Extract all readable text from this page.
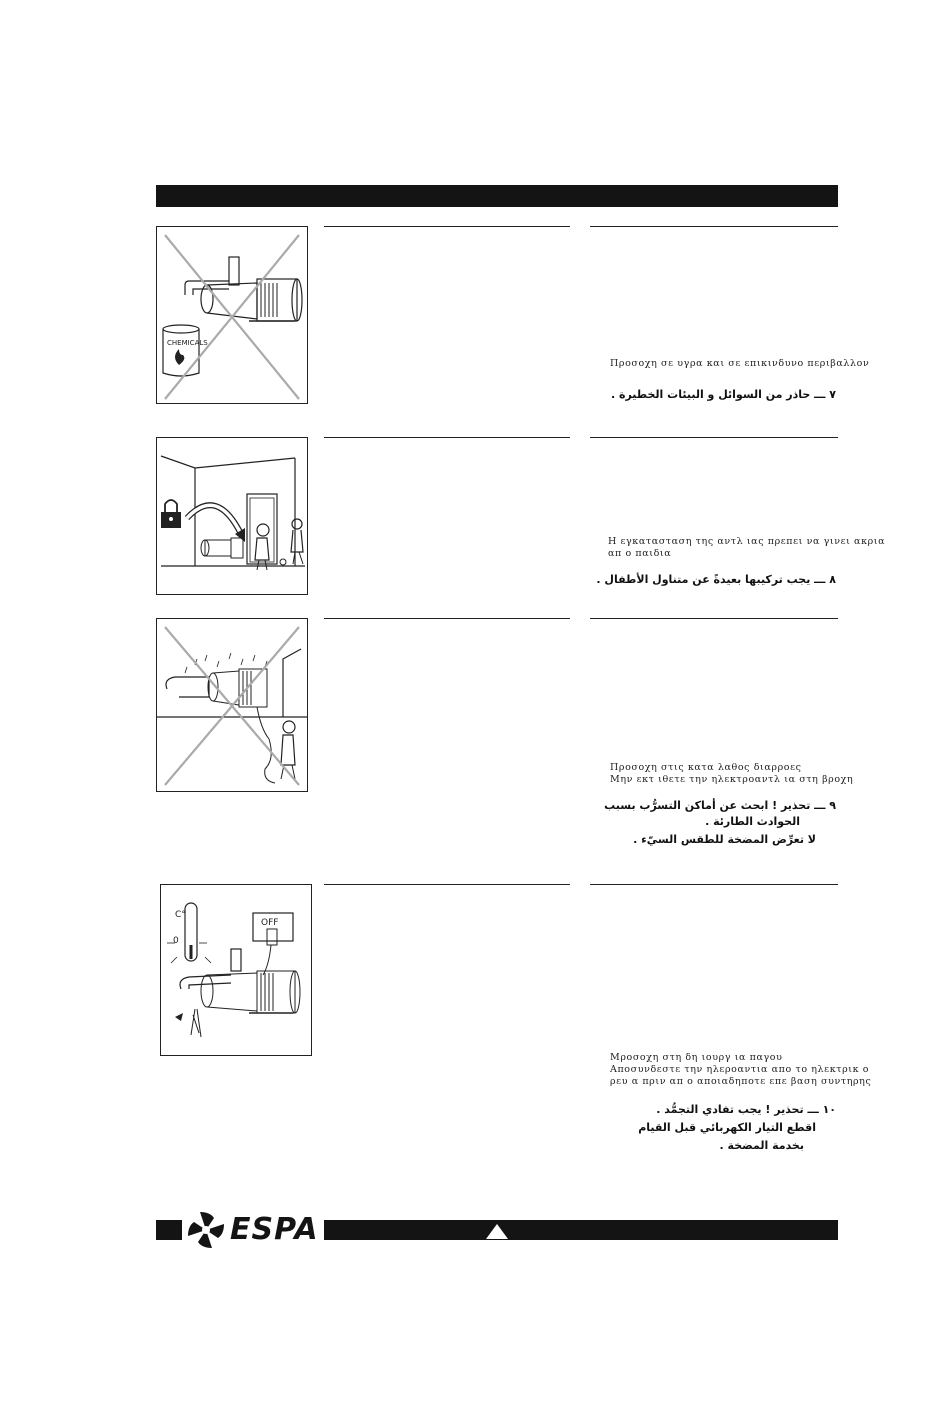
CHEMICALS
Προσοχη σε υγρα και σε επικινδυνο περιβαλλον
٧ ـــ حاذر من السوائل و البيئات الخطيرة .
Η εγκατασταση της αντλ ιας πρεπει να γινει ακρια
απ ο παιδια
٨ ـــ يجب تركيبها بعيدةً عن متناول الأطفال .
Προσοχη στις κατα λαθος διαρροες
Μην εκτ ιθετε την ηλεκτροαντλ ια στη βροχη
٩ ـــ تحذير ! ابحث عن أماكن التسرُّب بسبب
الحوادث الطارئة .
لا تعرِّض المضخة للطقس السيّء .
C°
0
OFF
Μροσοχη στη δη ιουργ ια παγου
Αποσυνδεστε την ηλεροαντια απο το ηλεκτρικ ο
ρευ α πριν απ ο αποιαδηποτε επε βαση συντηρης
١٠ ـــ تحذير ! يجب تفادي التجمُّد .
اقطع التيار الكهربائي قبل القيام
بخدمة المضخة .
ESPA
